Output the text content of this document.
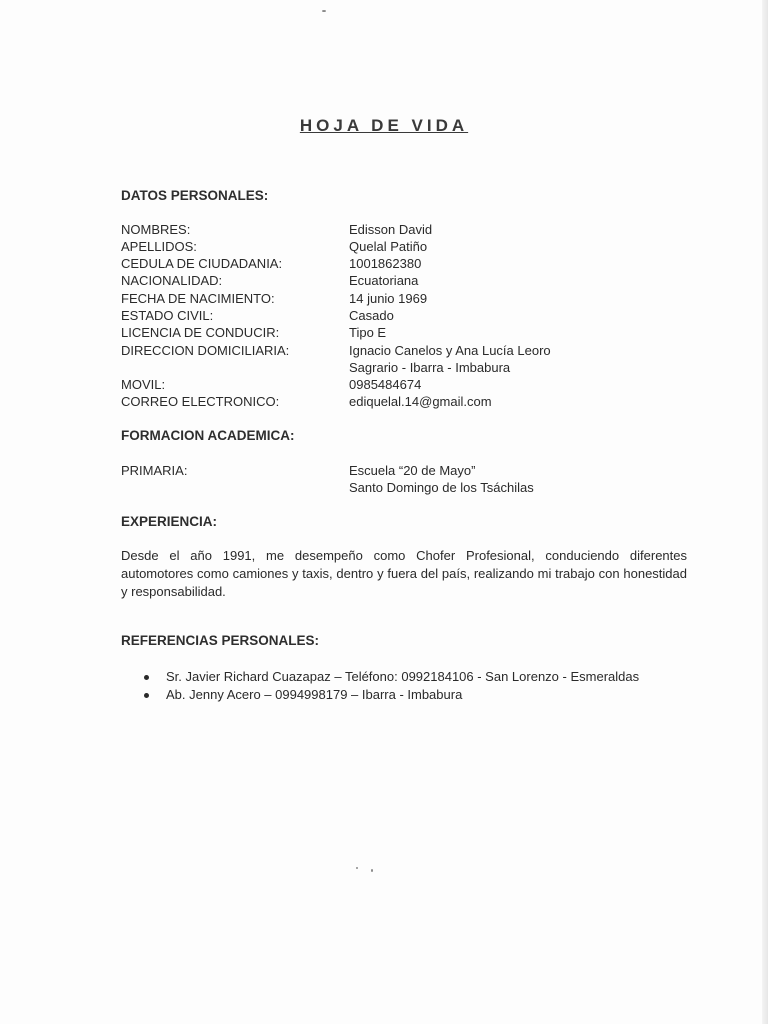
HOJA DE VIDA
DATOS PERSONALES:
NOMBRES:	Edisson David
APELLIDOS:	Quelal Patiño
CEDULA DE CIUDADANIA:	1001862380
NACIONALIDAD:	Ecuatoriana
FECHA DE NACIMIENTO:	14 junio 1969
ESTADO CIVIL:	Casado
LICENCIA DE CONDUCIR:	Tipo E
DIRECCION DOMICILIARIA:	Ignacio Canelos y Ana Lucía Leoro
Sagrario - Ibarra - Imbabura
MOVIL:	0985484674
CORREO ELECTRONICO:	ediquelal.14@gmail.com
FORMACION ACADEMICA:
PRIMARIA:	Escuela “20 de Mayo”
Santo Domingo de los Tsáchilas
EXPERIENCIA:
Desde el año 1991, me desempeño como Chofer Profesional, conduciendo diferentes automotores como camiones y taxis, dentro y fuera del país, realizando mi trabajo con honestidad y responsabilidad.
REFERENCIAS PERSONALES:
Sr. Javier Richard Cuazapaz – Teléfono: 0992184106 - San Lorenzo - Esmeraldas
Ab. Jenny Acero – 0994998179 – Ibarra - Imbabura
